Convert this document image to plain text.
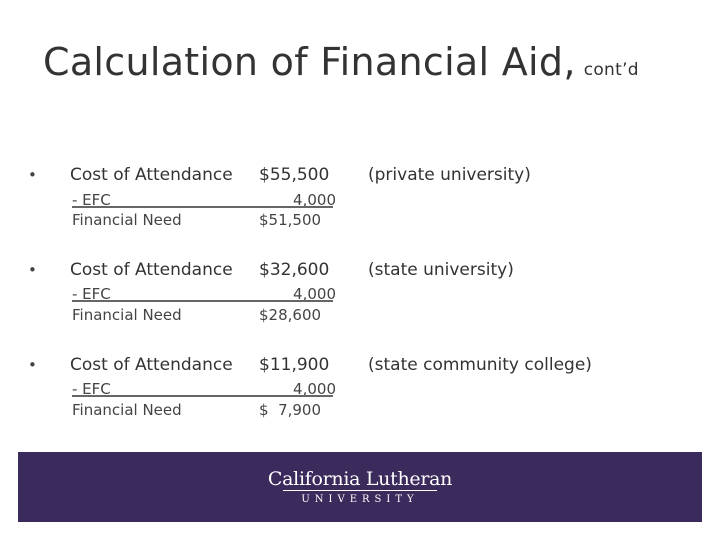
Calculation of Financial Aid, cont’d
• Cost of Attendance $55,500 (private university)
- EFC	4,000
Financial Need	$51,500
• Cost of Attendance $32,600 (state university)
- EFC	4,000
Financial Need	$28,600
• Cost of Attendance $11,900 (state community college)
- EFC	4,000
Financial Need	$  7,900
California Lutheran
UNIVERSITY
